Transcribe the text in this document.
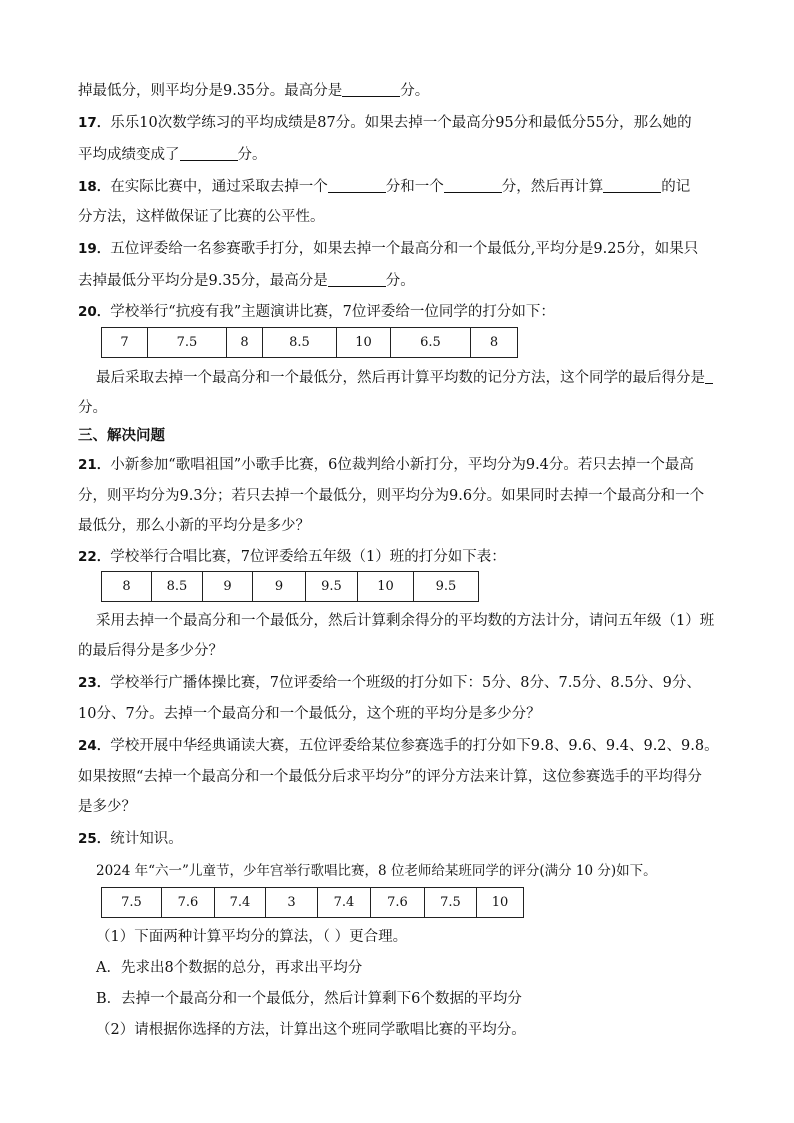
掉最低分，则平均分是9.35分。最高分是	分。
17．乐乐10次数学练习的平均成绩是87分。如果去掉一个最高分95分和最低分55分，那么她的
平均成绩变成了	分。
18．在实际比赛中，通过采取去掉一个	分和一个	分，然后再计算	的记
分方法，这样做保证了比赛的公平性。
19．五位评委给一名参赛歌手打分，如果去掉一个最高分和一个最低分,平均分是9.25分，如果只
去掉最低分平均分是9.35分，最高分是	分。
20．学校举行“抗疫有我”主题演讲比赛，7位评委给一位同学的打分如下：
7	7.5	8	8.5	10	6.5	8
最后采取去掉一个最高分和一个最低分，然后再计算平均数的记分方法，这个同学的最后得分是
分。
三、解决问题
21．小新参加“歌唱祖国”小歌手比赛，6位裁判给小新打分，平均分为9.4分。若只去掉一个最高
分，则平均分为9.3分；若只去掉一个最低分，则平均分为9.6分。如果同时去掉一个最高分和一个
最低分，那么小新的平均分是多少？
22．学校举行合唱比赛，7位评委给五年级（1）班的打分如下表：
8	8.5	9	9	9.5	10	9.5
采用去掉一个最高分和一个最低分，然后计算剩余得分的平均数的方法计分，请问五年级（1）班
的最后得分是多少分？
23．学校举行广播体操比赛，7位评委给一个班级的打分如下：5分、8分、7.5分、8.5分、9分、
10分、7分。去掉一个最高分和一个最低分，这个班的平均分是多少分？
24．学校开展中华经典诵读大赛，五位评委给某位参赛选手的打分如下9.8、9.6、9.4、9.2、9.8。
如果按照“去掉一个最高分和一个最低分后求平均分”的评分方法来计算，这位参赛选手的平均得分
是多少？
25．统计知识。
2024 年“六一”儿童节，少年宫举行歌唱比赛，8 位老师给某班同学的评分(满分 10 分)如下。
7.5	7.6	7.4	3	7.4	7.6	7.5	10
（1）下面两种计算平均分的算法，（ ）更合理。
A．先求出8个数据的总分，再求出平均分
B．去掉一个最高分和一个最低分，然后计算剩下6个数据的平均分
（2）请根据你选择的方法，计算出这个班同学歌唱比赛的平均分。
